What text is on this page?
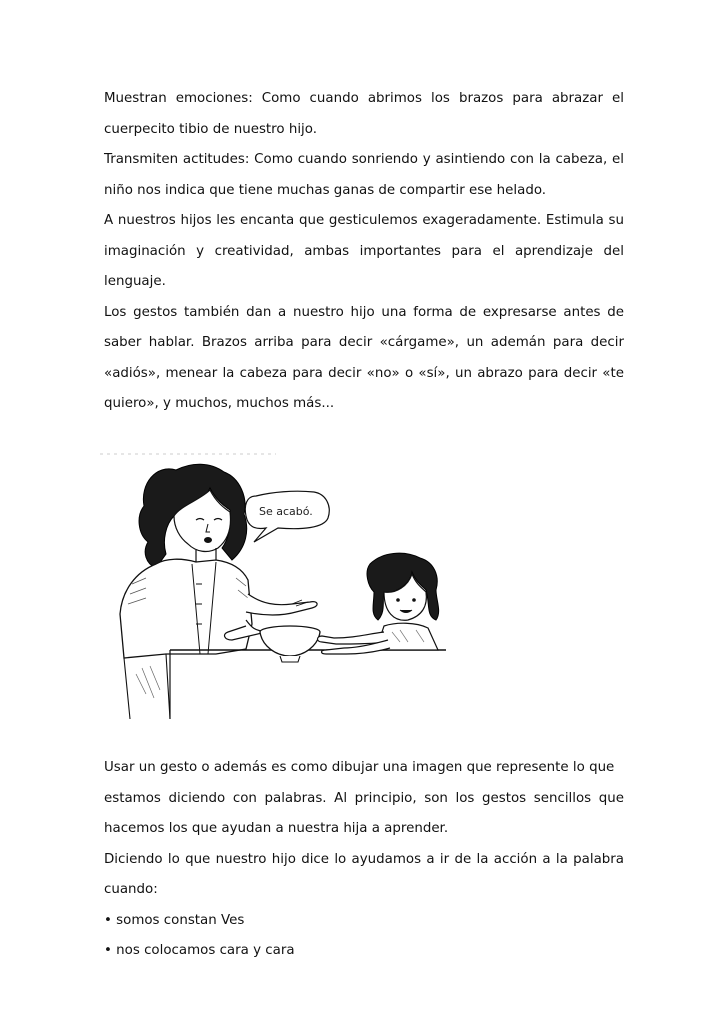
Muestran emociones: Como cuando abrimos los brazos para abrazar el
cuerpecito tibio de nuestro hijo.
Transmiten actitudes: Como cuando sonriendo y asintiendo con la cabeza, el
niño nos indica que tiene muchas ganas de compartir ese helado.
A nuestros hijos les encanta que gesticulemos exageradamente. Estimula su
imaginación y creatividad, ambas importantes para el aprendizaje del
lenguaje.
Los gestos también dan a nuestro hijo una forma de expresarse antes de
saber hablar. Brazos arriba para decir «cárgame», un ademán para decir
«adiós», menear la cabeza para decir «no» o «sí», un abrazo para decir «te
quiero», y muchos, muchos más...
Se acabó.
Usar un gesto o además es como dibujar una imagen que represente lo que
estamos diciendo con palabras. Al principio, son los gestos sencillos que
hacemos los que ayudan a nuestra hija a aprender.
Diciendo lo que nuestro hijo dice lo ayudamos a ir de la acción a la palabra
cuando:
• somos constan Ves
• nos colocamos cara y cara
